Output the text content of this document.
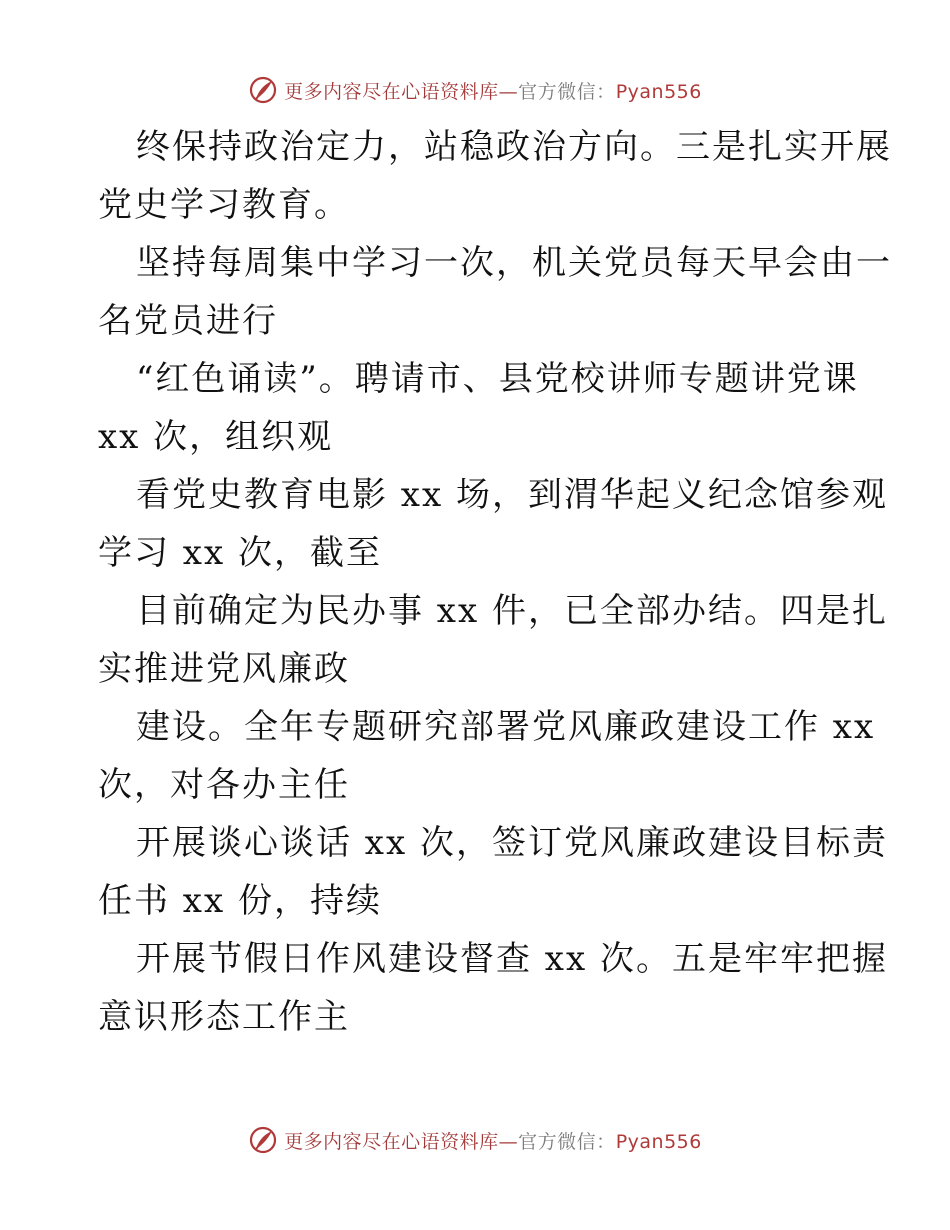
更多内容尽在心语资料库—官方微信：Pyan556
终保持政治定力，站稳政治方向。三是扎实开展
党史学习教育。
坚持每周集中学习一次，机关党员每天早会由一
名党员进行
“红色诵读”。聘请市、县党校讲师专题讲党课
xx 次，组织观
看党史教育电影 xx 场，到渭华起义纪念馆参观
学习 xx 次，截至
目前确定为民办事 xx 件，已全部办结。四是扎
实推进党风廉政
建设。全年专题研究部署党风廉政建设工作 xx
次，对各办主任
开展谈心谈话 xx 次，签订党风廉政建设目标责
任书 xx 份，持续
开展节假日作风建设督查 xx 次。五是牢牢把握
意识形态工作主
更多内容尽在心语资料库—官方微信：Pyan556
